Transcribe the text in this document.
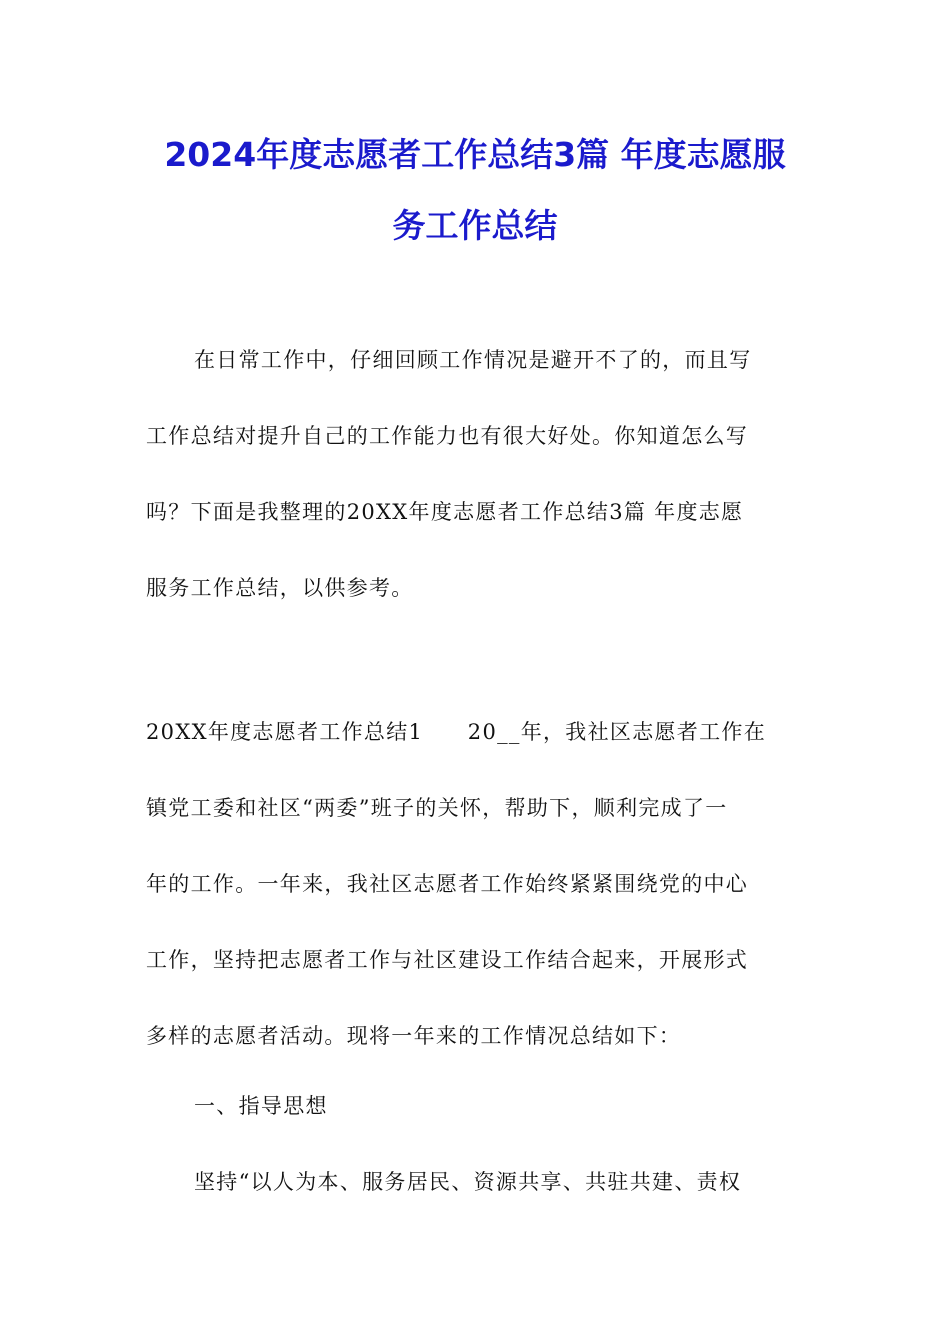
2024年度志愿者工作总结3篇 年度志愿服
务工作总结
在日常工作中，仔细回顾工作情况是避开不了的，而且写
工作总结对提升自己的工作能力也有很大好处。你知道怎么写
吗？下面是我整理的20XX年度志愿者工作总结3篇 年度志愿
服务工作总结，以供参考。
20XX年度志愿者工作总结1　　20__年，我社区志愿者工作在
镇党工委和社区“两委”班子的关怀，帮助下，顺利完成了一
年的工作。一年来，我社区志愿者工作始终紧紧围绕党的中心
工作，坚持把志愿者工作与社区建设工作结合起来，开展形式
多样的志愿者活动。现将一年来的工作情况总结如下：
一、指导思想
坚持“以人为本、服务居民、资源共享、共驻共建、责权
